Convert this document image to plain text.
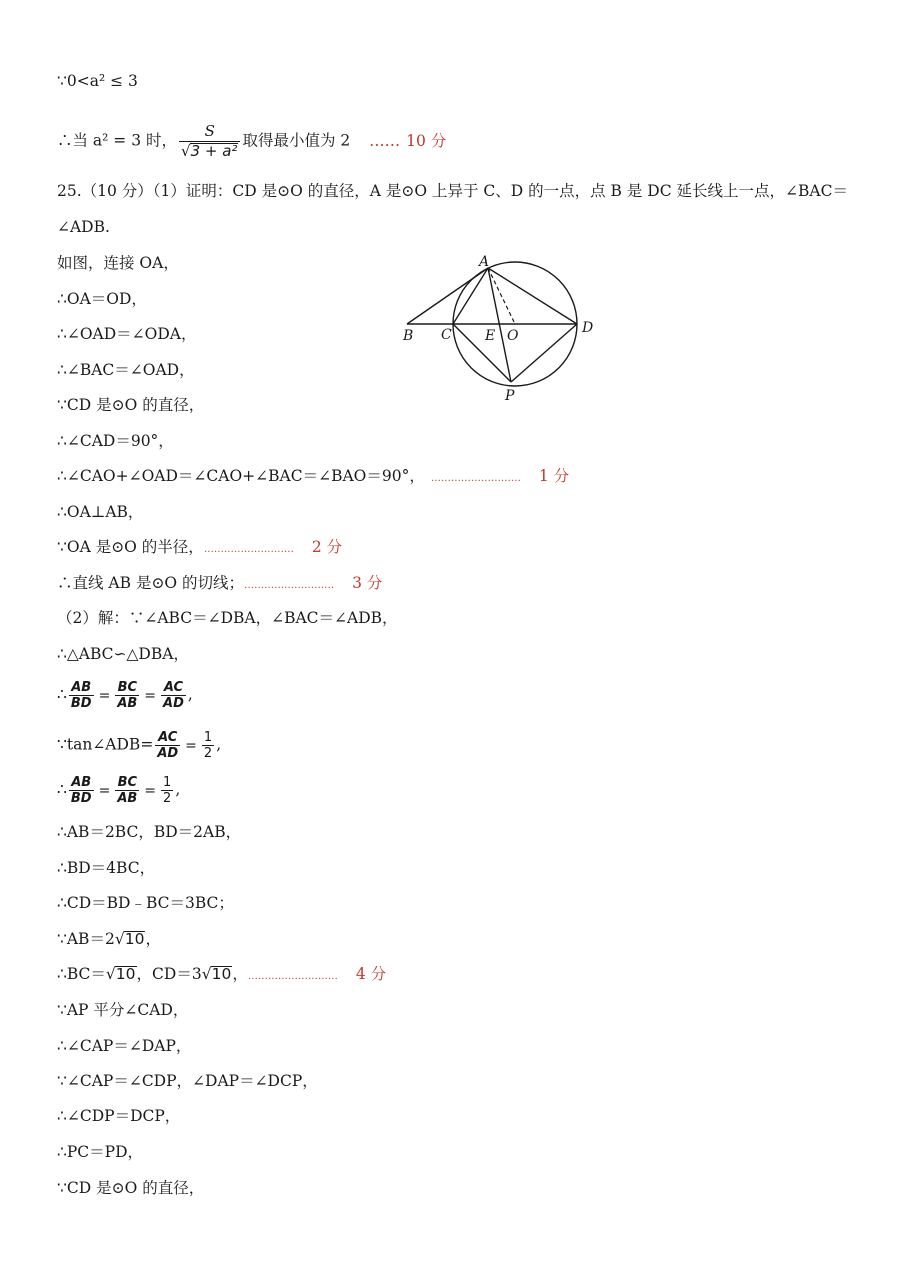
∵0<a² ≤ 3
∴当 a² = 3 时， $\frac{S}{\text{√3 + a²}}$ 取得最小值为 2 …… 10 分
25.（10 分）（1）证明：CD 是⊙O 的直径，A 是⊙O 上异于 C、D 的一点，点 B 是 DC 延长线上一点，∠BAC＝
∠ADB.
如图，连接 OA，
∴OA＝OD，
∴∠OAD＝∠ODA，
∴∠BAC＝∠OAD，
∵CD 是⊙O 的直径，
∴∠CAD＝90°，
∴∠CAO+∠OAD＝∠CAO+∠BAC＝∠BAO＝90°， ……………………… 1 分
∴OA⊥AB，
∵OA 是⊙O 的半径，……………………… 2 分
∴直线 AB 是⊙O 的切线；……………………… 3 分
（2）解：∵∠ABC＝∠DBA，∠BAC＝∠ADB，
∴△ABC∽△DBA，
∴ $\frac{AB}{BD} = \frac{BC}{AB} = \frac{AC}{AD}$ ,
∵tan∠ADB= $\frac{AC}{AD} = \frac{1}{2}$ ,
∴ $\frac{AB}{BD} = \frac{BC}{AB} = \frac{1}{2}$ ,
∴AB＝2BC，BD＝2AB，
∴BD＝4BC，
∴CD＝BD﹣BC＝3BC；
∵AB＝2√10，
∴BC＝√10，CD＝3√10，……………………… 4 分
∵AP 平分∠CAD，
∴∠CAP＝∠DAP，
∵∠CAP＝∠CDP，∠DAP＝∠DCP，
∴∠CDP＝DCP，
∴PC＝PD，
∵CD 是⊙O 的直径，
A
B C E O	D
P
